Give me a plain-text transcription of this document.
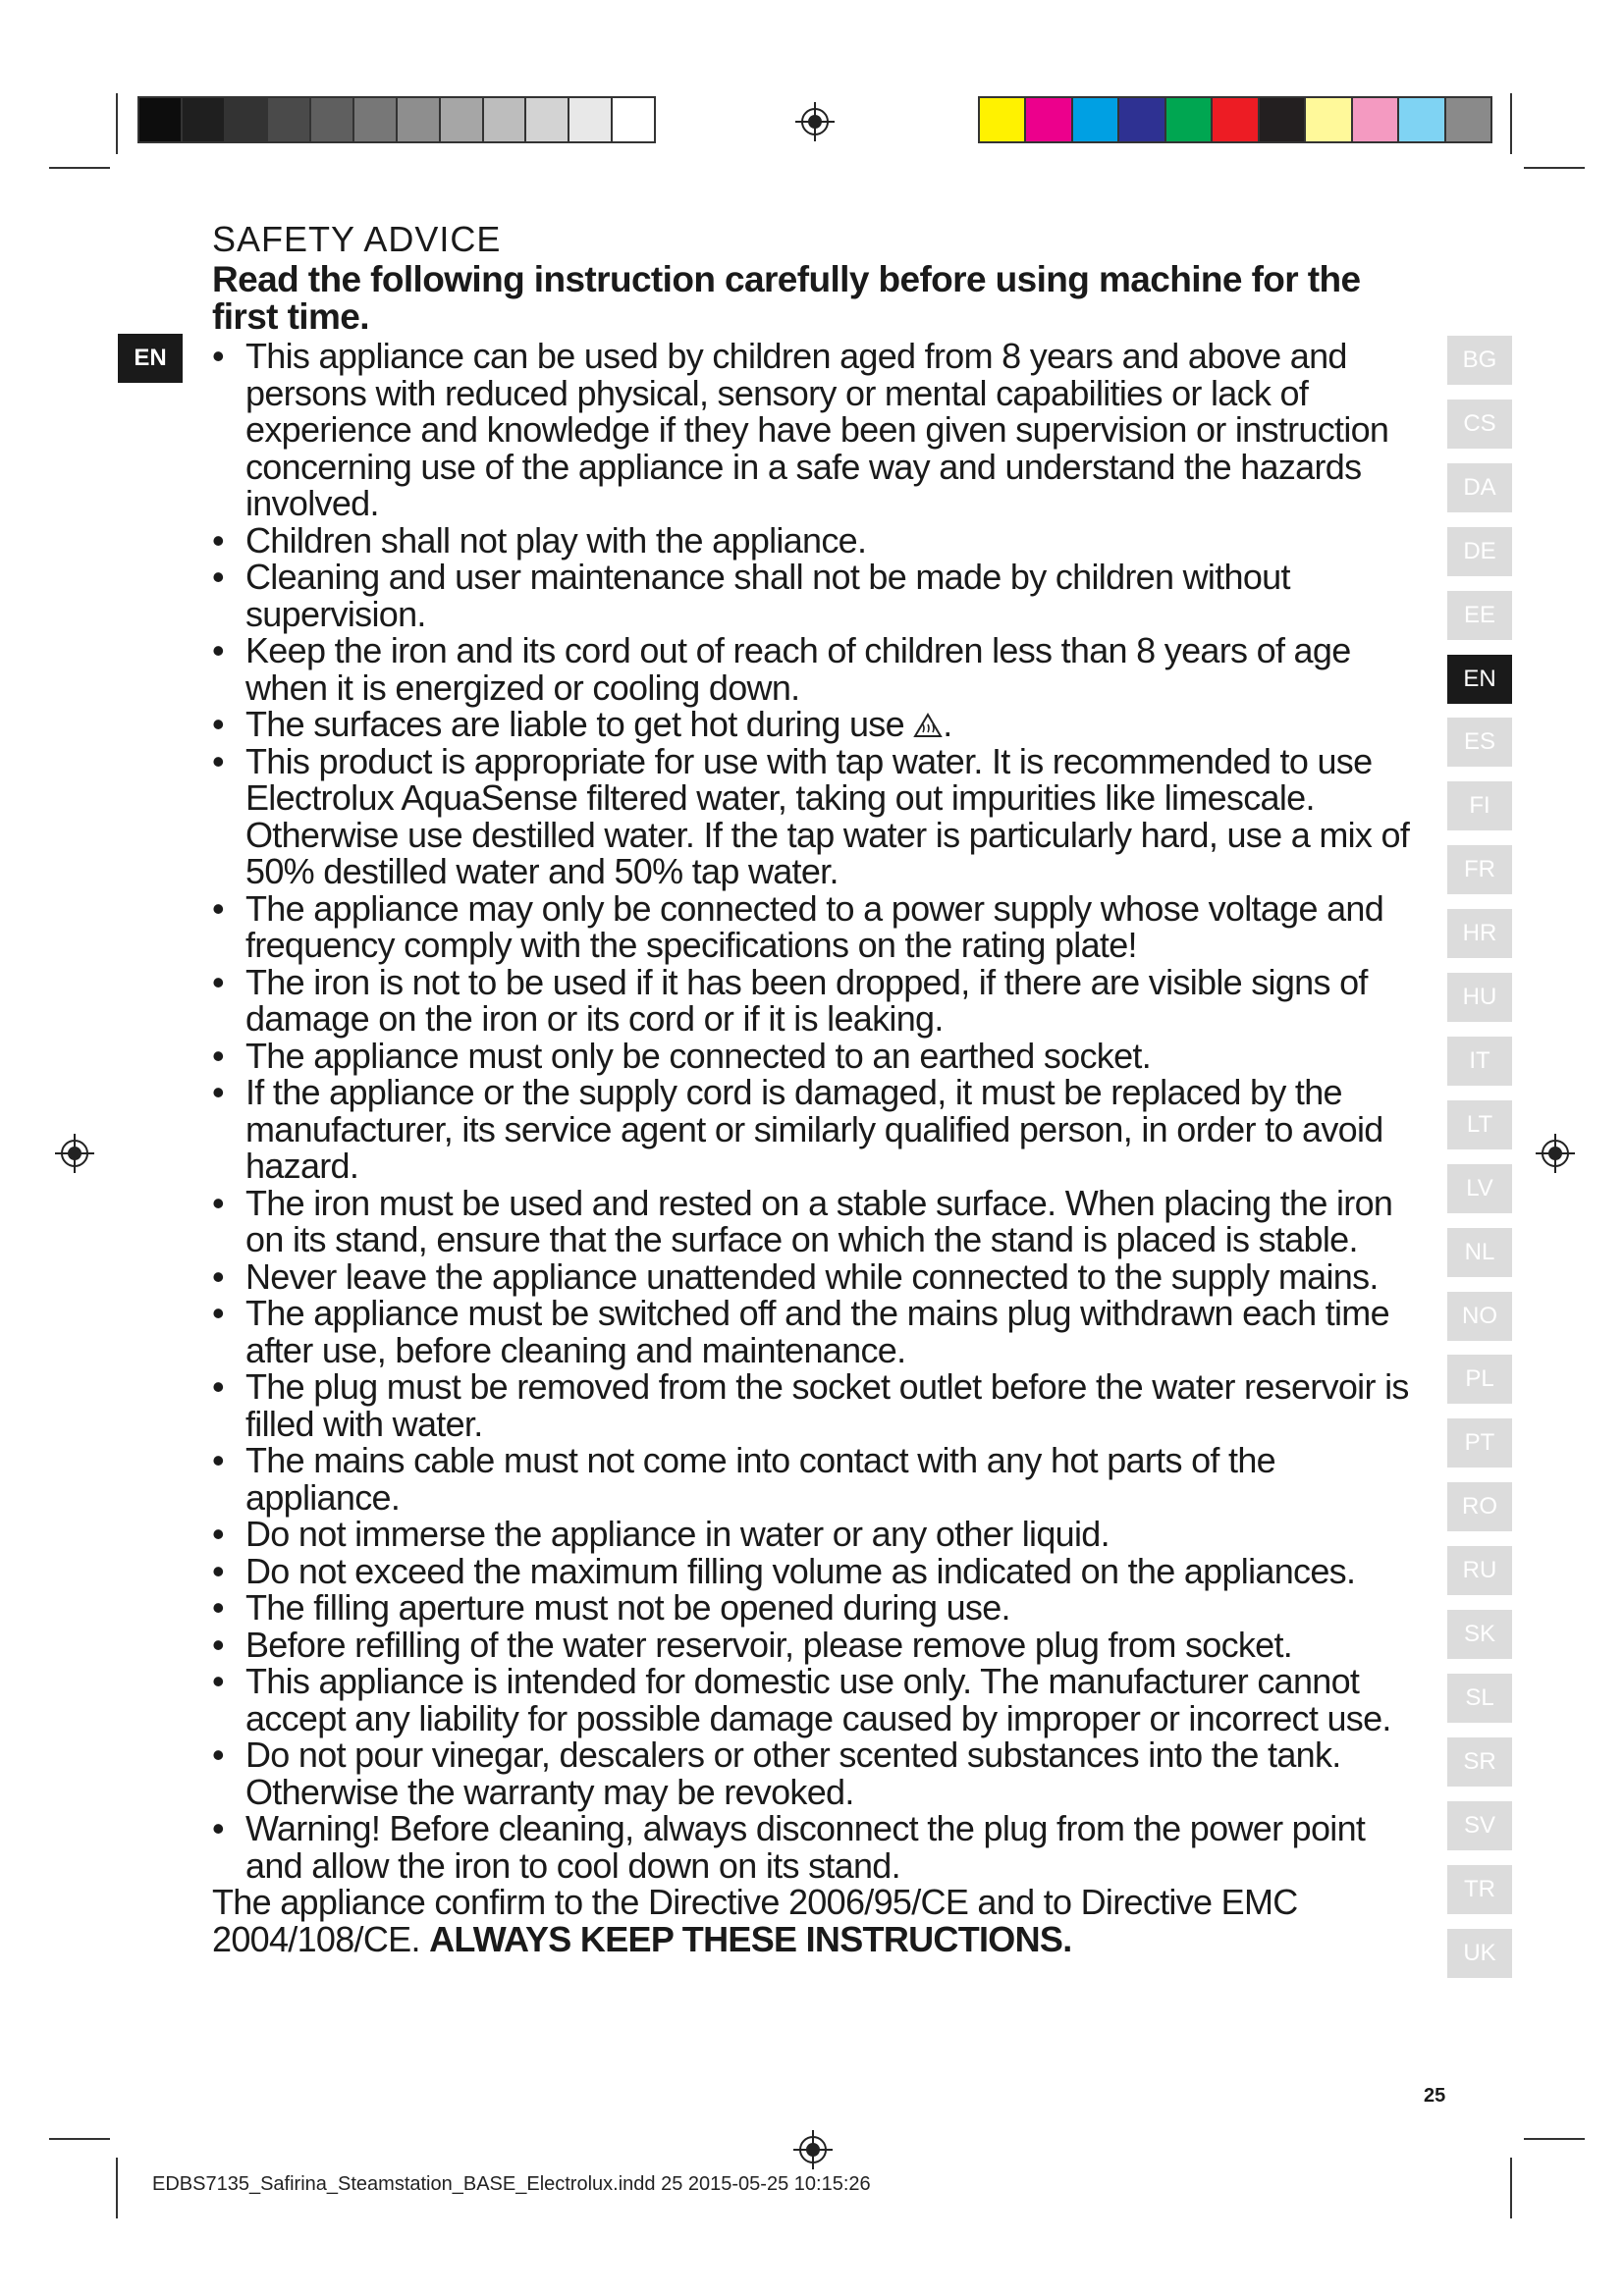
EN
SAFETY ADVICE

Read the following instruction carefully before using machine for the first time.

• This appliance can be used by children aged from 8 years and above and persons with reduced physical, sensory or mental capabilities or lack of experience and knowledge if they have been given supervision or instruction concerning use of the appliance in a safe way and understand the hazards involved.
• Children shall not play with the appliance.
• Cleaning and user maintenance shall not be made by children without supervision.
• Keep the iron and its cord out of reach of children less than 8 years of age when it is energized or cooling down.
• The surfaces are liable to get hot during use .
• This product is appropriate for use with tap water. It is recommended to use Electrolux AquaSense filtered water, taking out impurities like limescale. Otherwise use destilled water. If the tap water is particularly hard, use a mix of 50% destilled water and 50% tap water.
• The appliance may only be connected to a power supply whose voltage and frequency comply with the specifications on the rating plate!
• The iron is not to be used if it has been dropped, if there are visible signs of damage on the iron or its cord or if it is leaking.
• The appliance must only be connected to an earthed socket.
• If the appliance or the supply cord is damaged, it must be replaced by the manufacturer, its service agent or similarly qualified person, in order to avoid hazard.
• The iron must be used and rested on a stable surface. When placing the iron on its stand, ensure that the surface on which the stand is placed is stable.
• Never leave the appliance unattended while connected to the supply mains.
• The appliance must be switched off and the mains plug withdrawn each time after use, before cleaning and maintenance.
• The plug must be removed from the socket outlet before the water reservoir is filled with water.
• The mains cable must not come into contact with any hot parts of the appliance.
• Do not immerse the appliance in water or any other liquid.
• Do not exceed the maximum filling volume as indicated on the appliances.
• The filling aperture must not be opened during use.
• Before refilling of the water reservoir, please remove plug from socket.
• This appliance is intended for domestic use only. The manufacturer cannot accept any liability for possible damage caused by improper or incorrect use.
• Do not pour vinegar, descalers or other scented substances into the tank. Otherwise the warranty may be revoked.
• Warning! Before cleaning, always disconnect the plug from the power point and allow the iron to cool down on its stand.

The appliance confirm to the Directive 2006/95/CE and to Directive EMC 2004/108/CE. ALWAYS KEEP THESE INSTRUCTIONS.

BG
CS
DA
DE
EE
EN
ES
FI
FR
HR
HU
IT
LT
LV
NL
NO
PL
PT
RO
RU
SK
SL
SR
SV
TR
UK
25
EDBS7135_Safirina_Steamstation_BASE_Electrolux.indd 25 2015-05-25 10:15:26
